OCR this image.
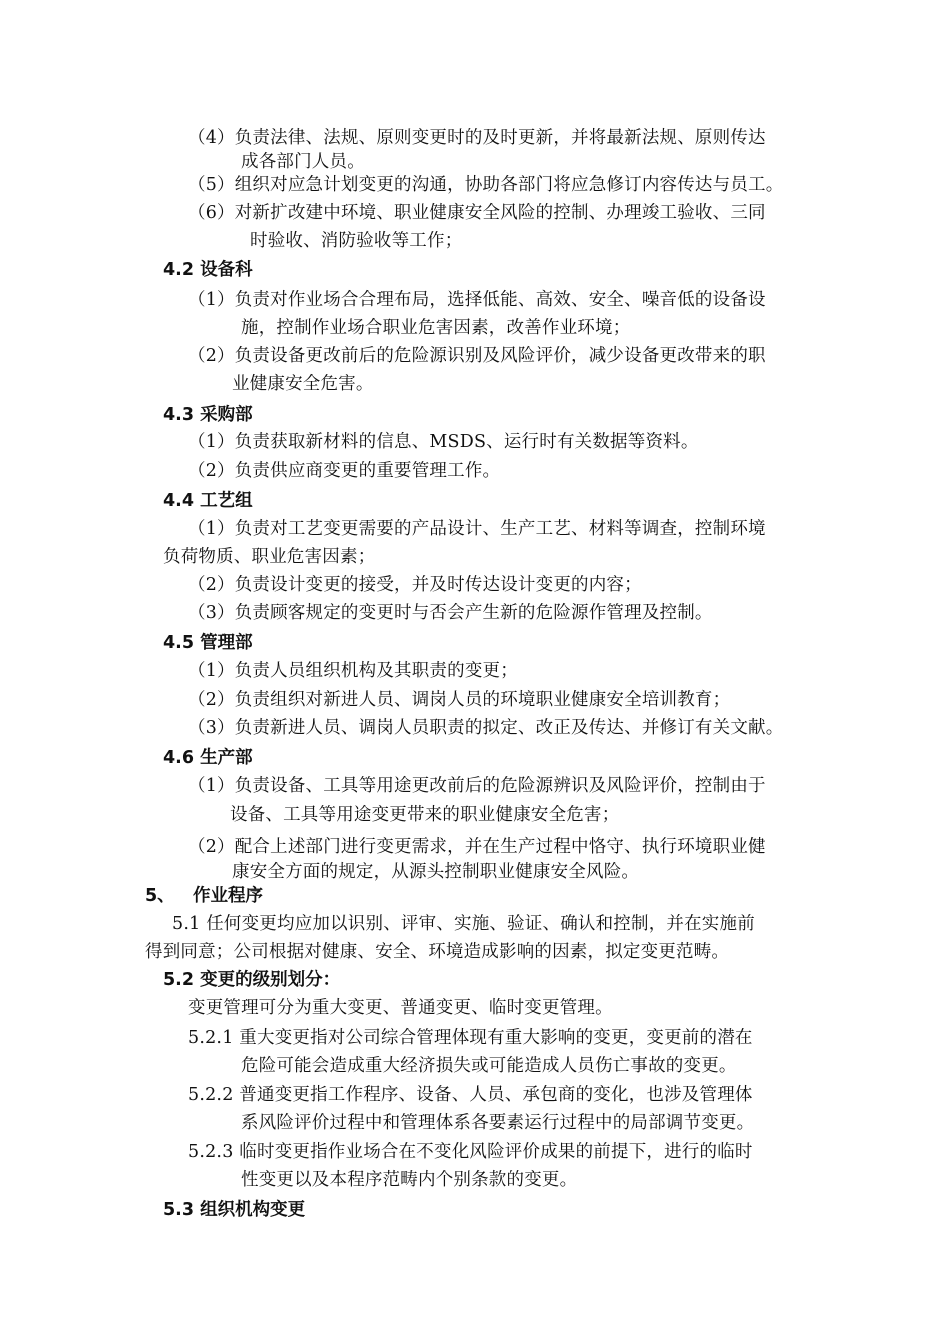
（4）负责法律、法规、原则变更时的及时更新，并将最新法规、原则传达
成各部门人员。
（5）组织对应急计划变更的沟通，协助各部门将应急修订内容传达与员工。
（6）对新扩改建中环境、职业健康安全风险的控制、办理竣工验收、三同
时验收、消防验收等工作；
4.2 设备科
（1）负责对作业场合合理布局，选择低能、高效、安全、噪音低的设备设
施，控制作业场合职业危害因素，改善作业环境；
（2）负责设备更改前后的危险源识别及风险评价，减少设备更改带来的职
业健康安全危害。
4.3 采购部
（1）负责获取新材料的信息、MSDS、运行时有关数据等资料。
（2）负责供应商变更的重要管理工作。
4.4 工艺组
（1）负责对工艺变更需要的产品设计、生产工艺、材料等调查，控制环境
负荷物质、职业危害因素；
（2）负责设计变更的接受，并及时传达设计变更的内容；
（3）负责顾客规定的变更时与否会产生新的危险源作管理及控制。
4.5 管理部
（1）负责人员组织机构及其职责的变更；
（2）负责组织对新进人员、调岗人员的环境职业健康安全培训教育；
（3）负责新进人员、调岗人员职责的拟定、改正及传达、并修订有关文献。
4.6 生产部
（1）负责设备、工具等用途更改前后的危险源辨识及风险评价，控制由于
设备、工具等用途变更带来的职业健康安全危害；
（2）配合上述部门进行变更需求，并在生产过程中恪守、执行环境职业健
康安全方面的规定，从源头控制职业健康安全风险。
5、   作业程序
5.1 任何变更均应加以识别、评审、实施、验证、确认和控制，并在实施前
得到同意；公司根据对健康、安全、环境造成影响的因素，拟定变更范畴。
5.2 变更的级别划分：
变更管理可分为重大变更、普通变更、临时变更管理。
5.2.1 重大变更指对公司综合管理体现有重大影响的变更，变更前的潜在
危险可能会造成重大经济损失或可能造成人员伤亡事故的变更。
5.2.2 普通变更指工作程序、设备、人员、承包商的变化，也涉及管理体
系风险评价过程中和管理体系各要素运行过程中的局部调节变更。
5.2.3 临时变更指作业场合在不变化风险评价成果的前提下，进行的临时
性变更以及本程序范畴内个别条款的变更。
5.3 组织机构变更
